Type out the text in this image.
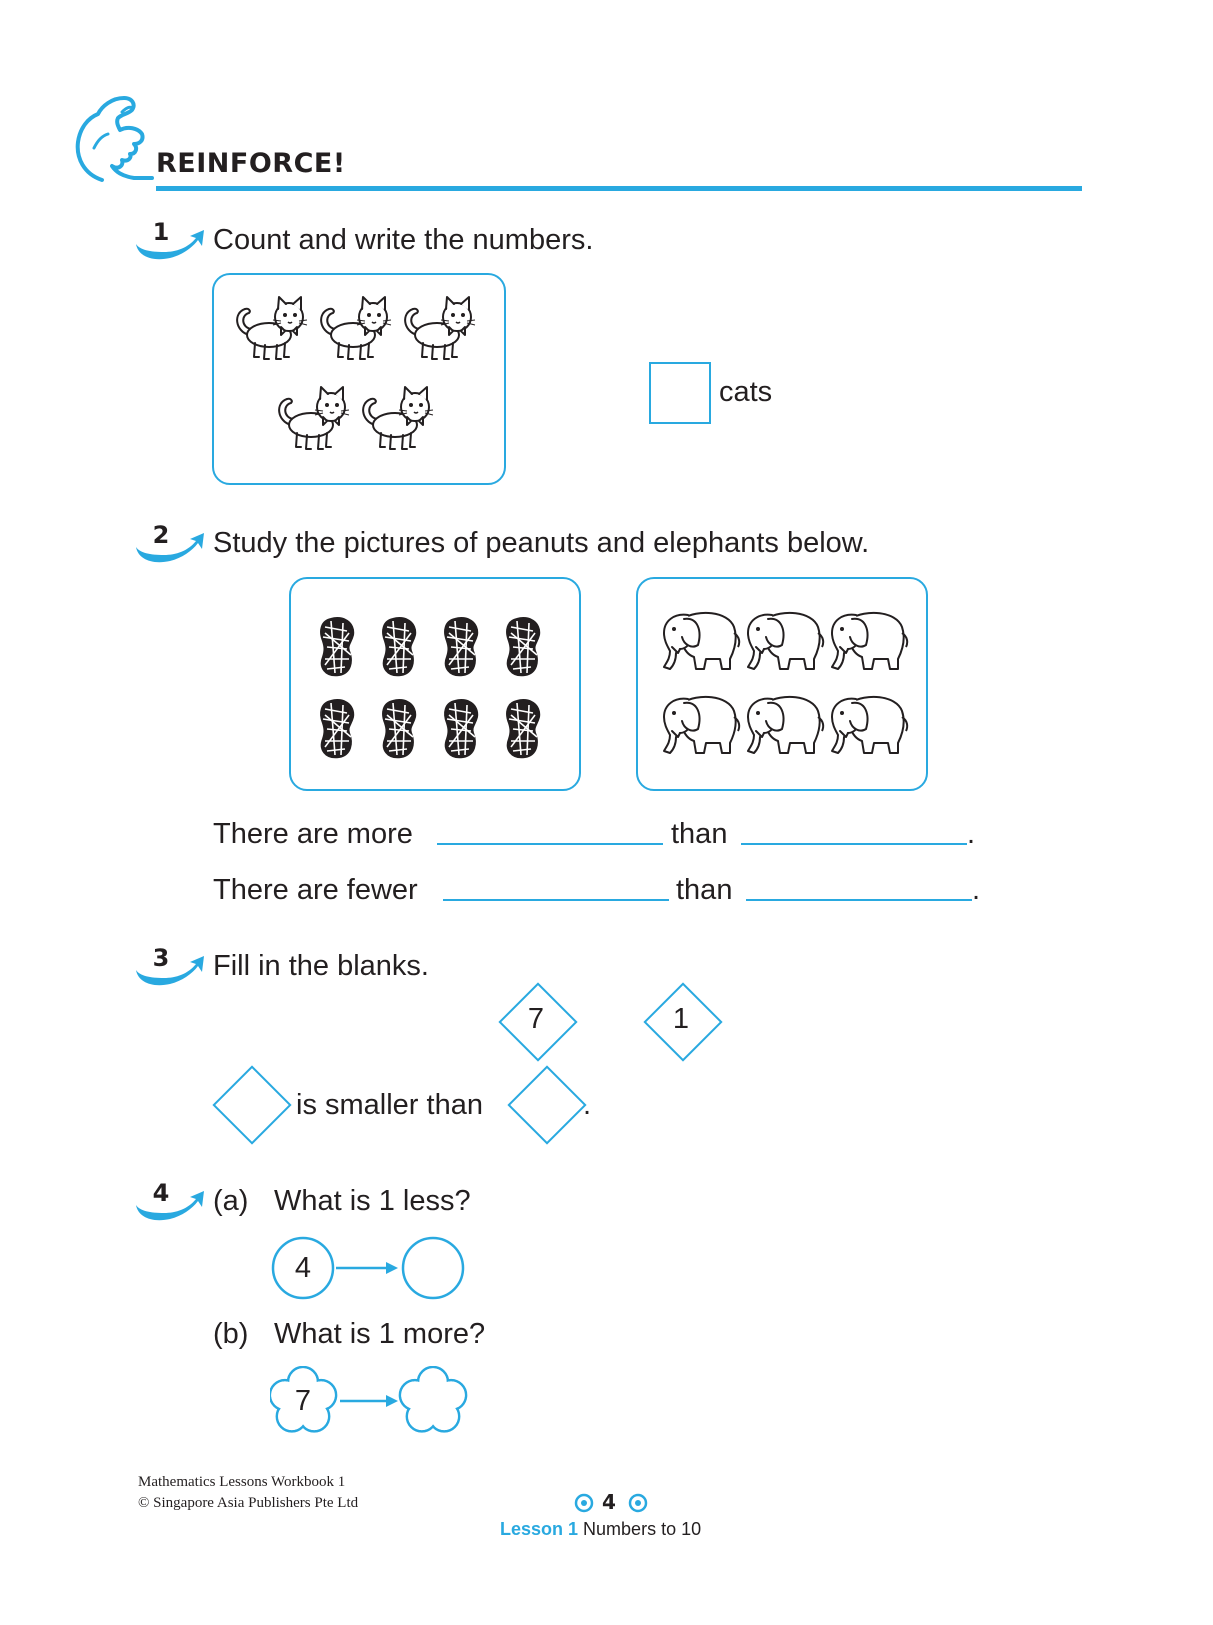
REINFORCE!
1 Count and write the numbers.
cats
2 Study the pictures of peanuts and elephants below.
There are more	than	.
There are fewer	than	.
3 Fill in the blanks.
7	1
is smaller than	.
4 (a) What is 1 less?
4
(b) What is 1 more?
7
Mathematics Lessons Workbook 1
© Singapore Asia Publishers Pte Ltd	4
Lesson 1 Numbers to 10
